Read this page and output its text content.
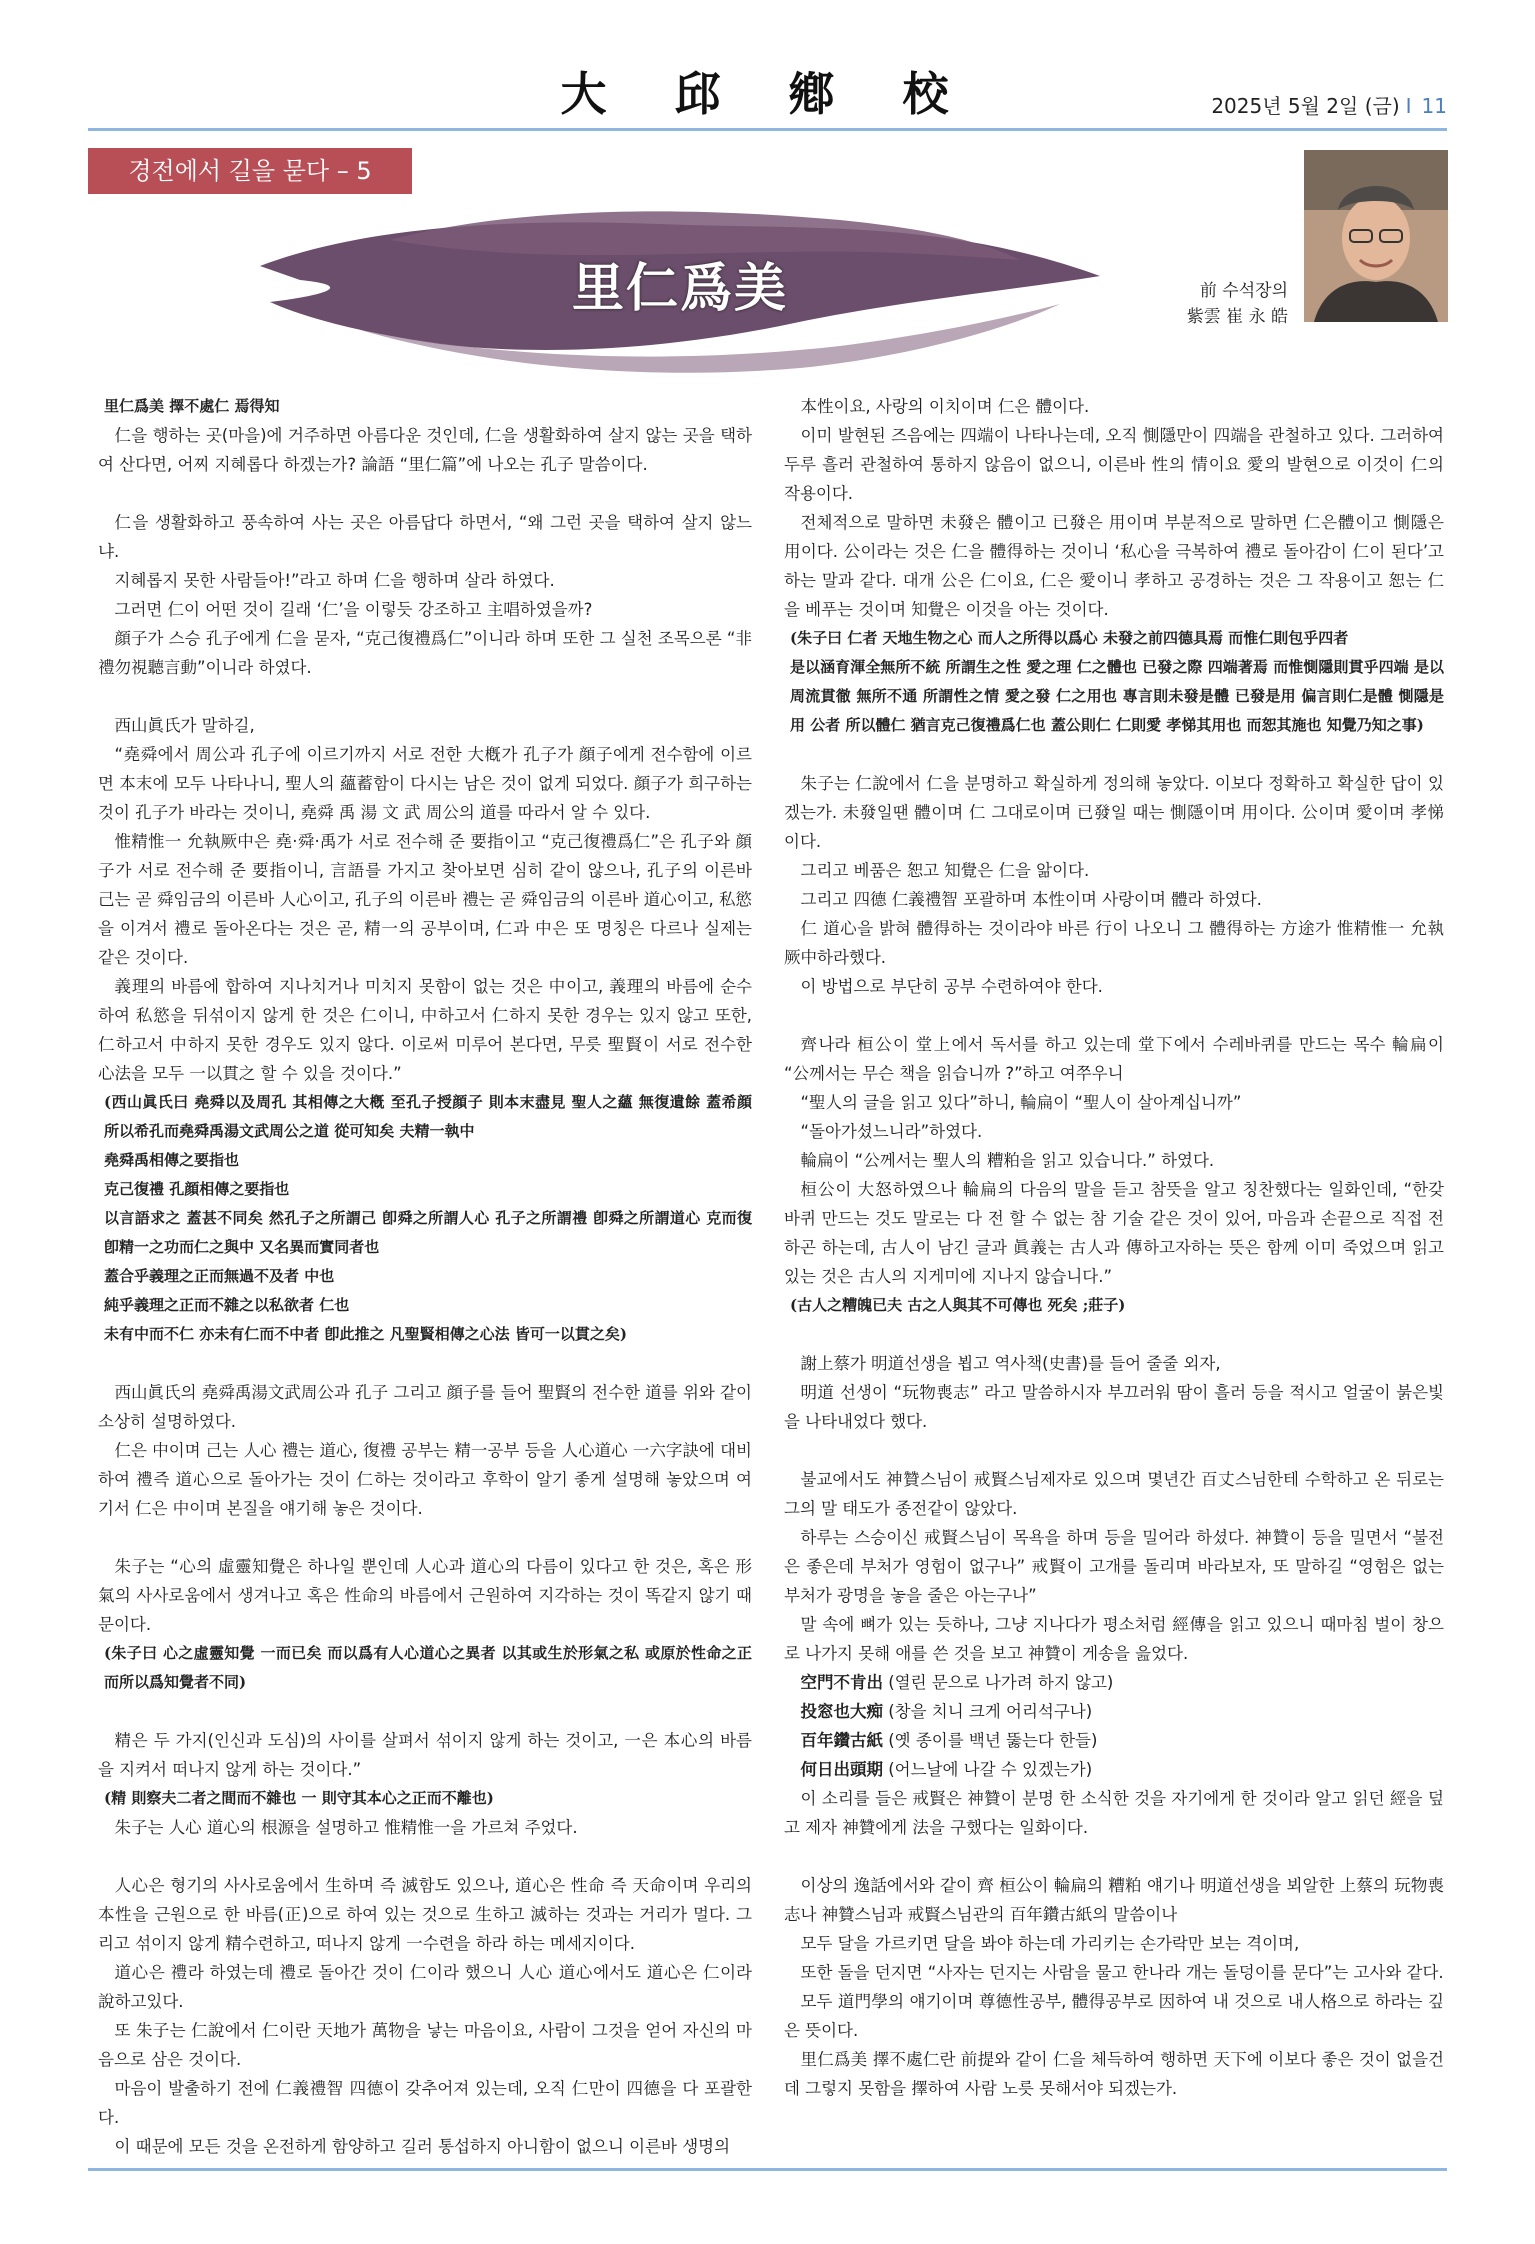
大 邱 鄕 校	2025년 5월 2일 (금) I 11
경전에서 길을 묻다 – 5
里仁爲美	前 수석장의
紫雲 崔 永 皓

里仁爲美 擇不處仁 焉得知

仁을 행하는 곳(마을)에 거주하면 아름다운 것인데, 仁을 생활화하여 살지 않는 곳을 택하여 산다면, 어찌 지혜롭다 하겠는가? 論語 “里仁篇”에 나오는 孔子 말씀이다.

仁을 생활화하고 풍속하여 사는 곳은 아름답다 하면서, “왜 그런 곳을 택하여 살지 않느냐.

지혜롭지 못한 사람들아!”라고 하며 仁을 행하며 살라 하였다.

그러면 仁이 어떤 것이 길래 ‘仁’을 이렇듯 강조하고 主唱하였을까?

顔子가 스승 孔子에게 仁을 묻자, “克己復禮爲仁”이니라 하며 또한 그 실천 조목으론 “非禮勿視聽言動”이니라 하였다.

西山眞氏가 말하길,

“堯舜에서 周公과 孔子에 이르기까지 서로 전한 大槪가 孔子가 顔子에게 전수함에 이르면 本末에 모두 나타나니, 聖人의 蘊蓄함이 다시는 남은 것이 없게 되었다. 顔子가 희구하는 것이 孔子가 바라는 것이니, 堯舜 禹 湯 文 武 周公의 道를 따라서 알 수 있다.

惟精惟一 允執厥中은 堯·舜·禹가 서로 전수해 준 要指이고 “克己復禮爲仁”은 孔子와 顔子가 서로 전수해 준 要指이니, 言語를 가지고 찾아보면 심히 같이 않으나, 孔子의 이른바 己는 곧 舜임금의 이른바 人心이고, 孔子의 이른바 禮는 곧 舜임금의 이른바 道心이고, 私慾을 이겨서 禮로 돌아온다는 것은 곧, 精一의 공부이며, 仁과 中은 또 명칭은 다르나 실제는 같은 것이다.

義理의 바름에 합하여 지나치거나 미치지 못함이 없는 것은 中이고, 義理의 바름에 순수하여 私慾을 뒤섞이지 않게 한 것은 仁이니, 中하고서 仁하지 못한 경우는 있지 않고 또한, 仁하고서 中하지 못한 경우도 있지 않다. 이로써 미루어 본다면, 무릇 聖賢이 서로 전수한 心法을 모두 一以貫之 할 수 있을 것이다.”

(西山眞氏曰 堯舜以及周孔 其相傳之大槪 至孔子授顔子 則本末盡見 聖人之蘊 無復遺餘 蓋希顔 所以希孔而堯舜禹湯文武周公之道 從可知矣 夫精一執中

堯舜禹相傳之要指也

克己復禮 孔顔相傳之要指也

以言語求之 蓋甚不同矣 然孔子之所謂己 卽舜之所謂人心 孔子之所謂禮 卽舜之所謂道心 克而復 卽精一之功而仁之與中 又名異而實同者也

蓋合乎義理之正而無過不及者 中也

純乎義理之正而不雜之以私欲者 仁也

未有中而不仁 亦未有仁而不中者 卽此推之 凡聖賢相傳之心法 皆可一以貫之矣)

西山眞氏의 堯舜禹湯文武周公과 孔子 그리고 顔子를 들어 聖賢의 전수한 道를 위와 같이 소상히 설명하였다.

仁은 中이며 己는 人心 禮는 道心, 復禮 공부는 精一공부 등을 人心道心 一六字訣에 대비하여 禮즉 道心으로 돌아가는 것이 仁하는 것이라고 후학이 알기 좋게 설명해 놓았으며 여기서 仁은 中이며 본질을 얘기해 놓은 것이다.

朱子는 “心의 虛靈知覺은 하나일 뿐인데 人心과 道心의 다름이 있다고 한 것은, 혹은 形氣의 사사로움에서 생겨나고 혹은 性命의 바름에서 근원하여 지각하는 것이 똑같지 않기 때문이다.

(朱子曰 心之虛靈知覺 一而已矣 而以爲有人心道心之異者 以其或生於形氣之私 或原於性命之正 而所以爲知覺者不同)

精은 두 가지(인신과 도심)의 사이를 살펴서 섞이지 않게 하는 것이고, 一은 本心의 바름을 지켜서 떠나지 않게 하는 것이다.”

(精 則察夫二者之間而不雜也 一 則守其本心之正而不離也)

朱子는 人心 道心의 根源을 설명하고 惟精惟一을 가르쳐 주었다.

人心은 형기의 사사로움에서 生하며 즉 滅함도 있으나, 道心은 性命 즉 天命이며 우리의 本性을 근원으로 한 바름(正)으로 하여 있는 것으로 生하고 滅하는 것과는 거리가 멀다. 그리고 섞이지 않게 精수련하고, 떠나지 않게 一수련을 하라 하는 메세지이다.

道心은 禮라 하였는데 禮로 돌아간 것이 仁이라 했으니 人心 道心에서도 道心은 仁이라 說하고있다.

또 朱子는 仁說에서 仁이란 天地가 萬物을 낳는 마음이요, 사람이 그것을 얻어 자신의 마음으로 삼은 것이다.

마음이 발출하기 전에 仁義禮智 四德이 갖추어져 있는데, 오직 仁만이 四德을 다 포괄한다.

이 때문에 모든 것을 온전하게 함양하고 길러 통섭하지 아니함이 없으니 이른바 생명의

本性이요, 사랑의 이치이며 仁은 體이다.

이미 발현된 즈음에는 四端이 나타나는데, 오직 惻隱만이 四端을 관철하고 있다. 그러하여 두루 흘러 관철하여 통하지 않음이 없으니, 이른바 性의 情이요 愛의 발현으로 이것이 仁의 작용이다.

전체적으로 말하면 未發은 體이고 已發은 用이며 부분적으로 말하면 仁은體이고 惻隱은 用이다. 公이라는 것은 仁을 體得하는 것이니 ‘私心을 극복하여 禮로 돌아감이 仁이 된다’고 하는 말과 같다. 대개 公은 仁이요, 仁은 愛이니 孝하고 공경하는 것은 그 작용이고 恕는 仁을 베푸는 것이며 知覺은 이것을 아는 것이다.

(朱子曰 仁者 天地生物之心 而人之所得以爲心 未發之前四德具焉 而惟仁則包乎四者

是以涵育渾全無所不統 所謂生之性 愛之理 仁之體也 已發之際 四端著焉 而惟惻隱則貫乎四端 是以周流貫徹 無所不通 所謂性之情 愛之發 仁之用也 專言則未發是體 已發是用 偏言則仁是體 惻隱是用 公者 所以體仁 猶言克己復禮爲仁也 蓋公則仁 仁則愛 孝悌其用也 而恕其施也 知覺乃知之事)

朱子는 仁說에서 仁을 분명하고 확실하게 정의해 놓았다. 이보다 정확하고 확실한 답이 있겠는가. 未發일땐 體이며 仁 그대로이며 已發일 때는 惻隱이며 用이다. 公이며 愛이며 孝悌 이다.

그리고 베품은 恕고 知覺은 仁을 앎이다.

그리고 四德 仁義禮智 포괄하며 本性이며 사랑이며 體라 하였다.

仁 道心을 밝혀 體得하는 것이라야 바른 行이 나오니 그 體得하는 方途가 惟精惟一 允執厥中하라했다.

이 방법으로 부단히 공부 수련하여야 한다.

齊나라 桓公이 堂上에서 독서를 하고 있는데 堂下에서 수레바퀴를 만드는 목수 輪扁이 “公께서는 무슨 책을 읽습니까 ?”하고 여쭈우니

“聖人의 글을 읽고 있다”하니, 輪扁이 “聖人이 살아계십니까”

“돌아가셨느니라”하였다.

輪扁이 “公께서는 聖人의 糟粕을 읽고 있습니다.” 하였다.

桓公이 大怒하였으나 輪扁의 다음의 말을 듣고 참뜻을 알고 칭찬했다는 일화인데, “한갖 바퀴 만드는 것도 말로는 다 전 할 수 없는 참 기술 같은 것이 있어, 마음과 손끝으로 직접 전하곤 하는데, 古人이 남긴 글과 眞義는 古人과 傳하고자하는 뜻은 함께 이미 죽었으며 읽고 있는 것은 古人의 지게미에 지나지 않습니다.”

(古人之糟魄已夫 古之人與其不可傳也 死矣 ;莊子)

謝上蔡가 明道선생을 뵙고 역사책(史書)를 들어 줄줄 외자,

明道 선생이 “玩物喪志” 라고 말씀하시자 부끄러워 땀이 흘러 등을 적시고 얼굴이 붉은빛을 나타내었다 했다.

불교에서도 神贊스님이 戒賢스님제자로 있으며 몇년간 百丈스님한테 수학하고 온 뒤로는 그의 말 태도가 종전같이 않았다.

하루는 스승이신 戒賢스님이 목욕을 하며 등을 밀어라 하셨다. 神贊이 등을 밀면서 “불전은 좋은데 부처가 영험이 없구나” 戒賢이 고개를 돌리며 바라보자, 또 말하길 “영험은 없는 부처가 광명을 놓을 줄은 아는구나”

말 속에 뼈가 있는 듯하나, 그냥 지나다가 평소처럼 經傳을 읽고 있으니 때마침 벌이 창으로 나가지 못해 애를 쓴 것을 보고 神贊이 게송을 읊었다.

空門不肯出 (열린 문으로 나가려 하지 않고)

投窓也大痴 (창을 치니 크게 어리석구나)

百年鑽古紙 (옛 종이를 백년 뚫는다 한들)

何日出頭期 (어느날에 나갈 수 있겠는가)

이 소리를 들은 戒賢은 神贊이 분명 한 소식한 것을 자기에게 한 것이라 알고 읽던 經을 덮고 제자 神贊에게 法을 구했다는 일화이다.

이상의 逸話에서와 같이 齊 桓公이 輪扁의 糟粕 얘기나 明道선생을 뵈알한 上蔡의 玩物喪志나 神贊스님과 戒賢스님관의 百年鑽古紙의 말씀이나

모두 달을 가르키면 달을 봐야 하는데 가리키는 손가락만 보는 격이며,

또한 돌을 던지면 “사자는 던지는 사람을 물고 한나라 개는 돌덩이를 문다”는 고사와 같다.

모두 道門學의 얘기이며 尊德性공부, 體得공부로 因하여 내 것으로 내人格으로 하라는 깊은 뜻이다.

里仁爲美 擇不處仁란 前提와 같이 仁을 체득하여 행하면 天下에 이보다 좋은 것이 없을건데 그렇지 못함을 擇하여 사람 노릇 못해서야 되겠는가.
